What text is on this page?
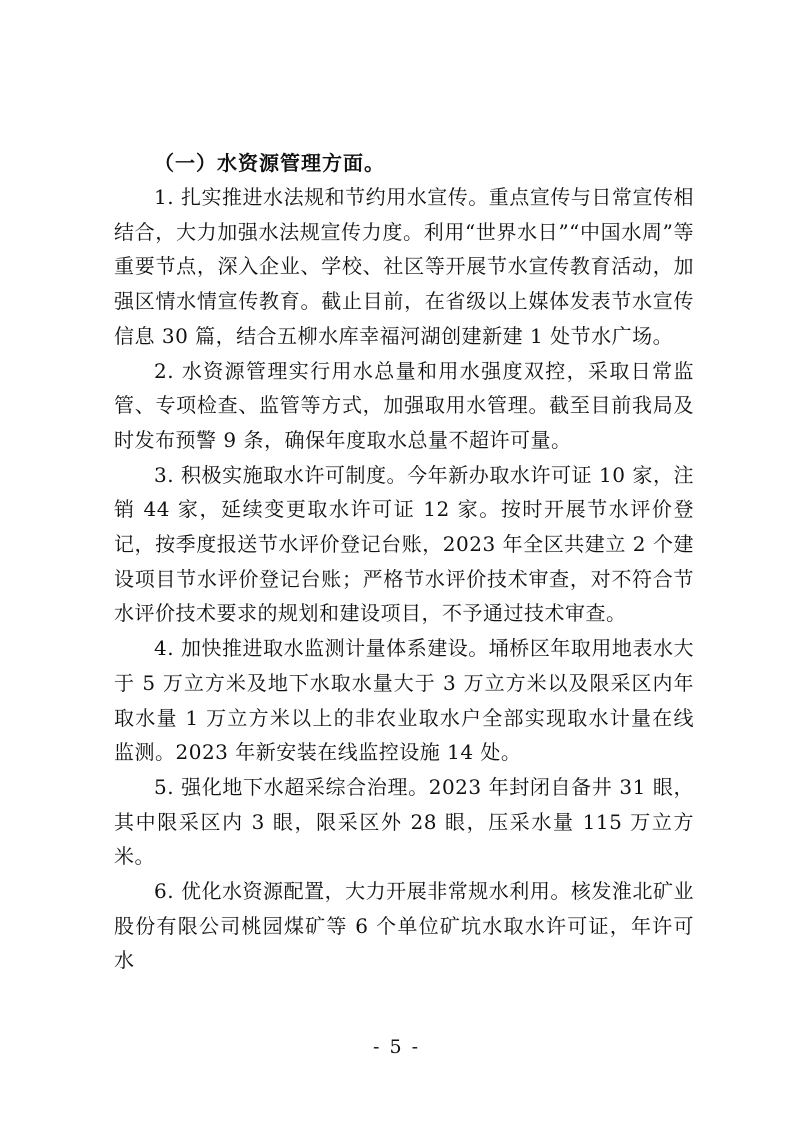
（一）水资源管理方面。

1. 扎实推进水法规和节约用水宣传。重点宣传与日常宣传相结合，大力加强水法规宣传力度。利用“世界水日”“中国水周”等重要节点，深入企业、学校、社区等开展节水宣传教育活动，加强区情水情宣传教育。截止目前，在省级以上媒体发表节水宣传信息 30 篇，结合五柳水库幸福河湖创建新建 1 处节水广场。

2. 水资源管理实行用水总量和用水强度双控，采取日常监管、专项检查、监管等方式，加强取用水管理。截至目前我局及时发布预警 9 条，确保年度取水总量不超许可量。

3. 积极实施取水许可制度。今年新办取水许可证 10 家，注销 44 家，延续变更取水许可证 12 家。按时开展节水评价登记，按季度报送节水评价登记台账，2023 年全区共建立 2 个建设项目节水评价登记台账；严格节水评价技术审查，对不符合节水评价技术要求的规划和建设项目，不予通过技术审查。

4. 加快推进取水监测计量体系建设。埇桥区年取用地表水大于 5 万立方米及地下水取水量大于 3 万立方米以及限采区内年取水量 1 万立方米以上的非农业取水户全部实现取水计量在线监测。2023 年新安装在线监控设施 14 处。

5. 强化地下水超采综合治理。2023 年封闭自备井 31 眼，其中限采区内 3 眼，限采区外 28 眼，压采水量 115 万立方米。

6. 优化水资源配置，大力开展非常规水利用。核发淮北矿业股份有限公司桃园煤矿等 6 个单位矿坑水取水许可证，年许可水

- 5 -
